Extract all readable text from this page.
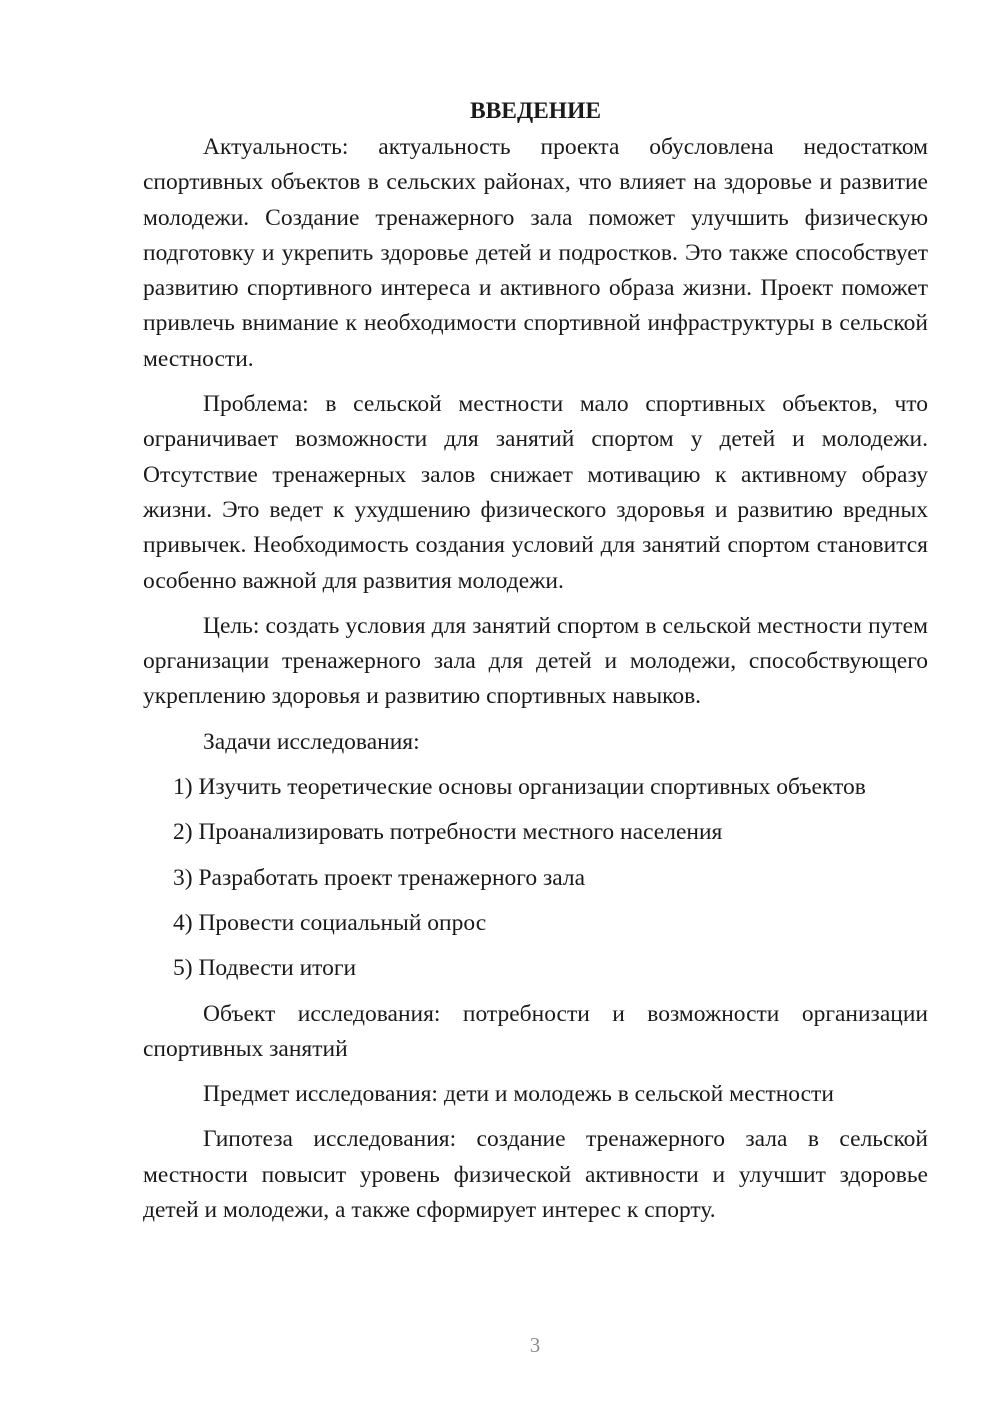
ВВЕДЕНИЕ

Актуальность: актуальность проекта обусловлена недостатком спортивных объектов в сельских районах, что влияет на здоровье и развитие молодежи. Создание тренажерного зала поможет улучшить физическую подготовку и укрепить здоровье детей и подростков. Это также способствует развитию спортивного интереса и активного образа жизни. Проект поможет привлечь внимание к необходимости спортивной инфраструктуры в сельской местности.

Проблема: в сельской местности мало спортивных объектов, что ограничивает возможности для занятий спортом у детей и молодежи. Отсутствие тренажерных залов снижает мотивацию к активному образу жизни. Это ведет к ухудшению физического здоровья и развитию вредных привычек. Необходимость создания условий для занятий спортом становится особенно важной для развития молодежи.

Цель: создать условия для занятий спортом в сельской местности путем организации тренажерного зала для детей и молодежи, способствующего укреплению здоровья и развитию спортивных навыков.

Задачи исследования:

1) Изучить теоретические основы организации спортивных объектов

2) Проанализировать потребности местного населения

3) Разработать проект тренажерного зала

4) Провести социальный опрос

5) Подвести итоги

Объект исследования: потребности и возможности организации спортивных занятий

Предмет исследования: дети и молодежь в сельской местности

Гипотеза исследования: создание тренажерного зала в сельской местности повысит уровень физической активности и улучшит здоровье детей и молодежи, а также сформирует интерес к спорту.

3
